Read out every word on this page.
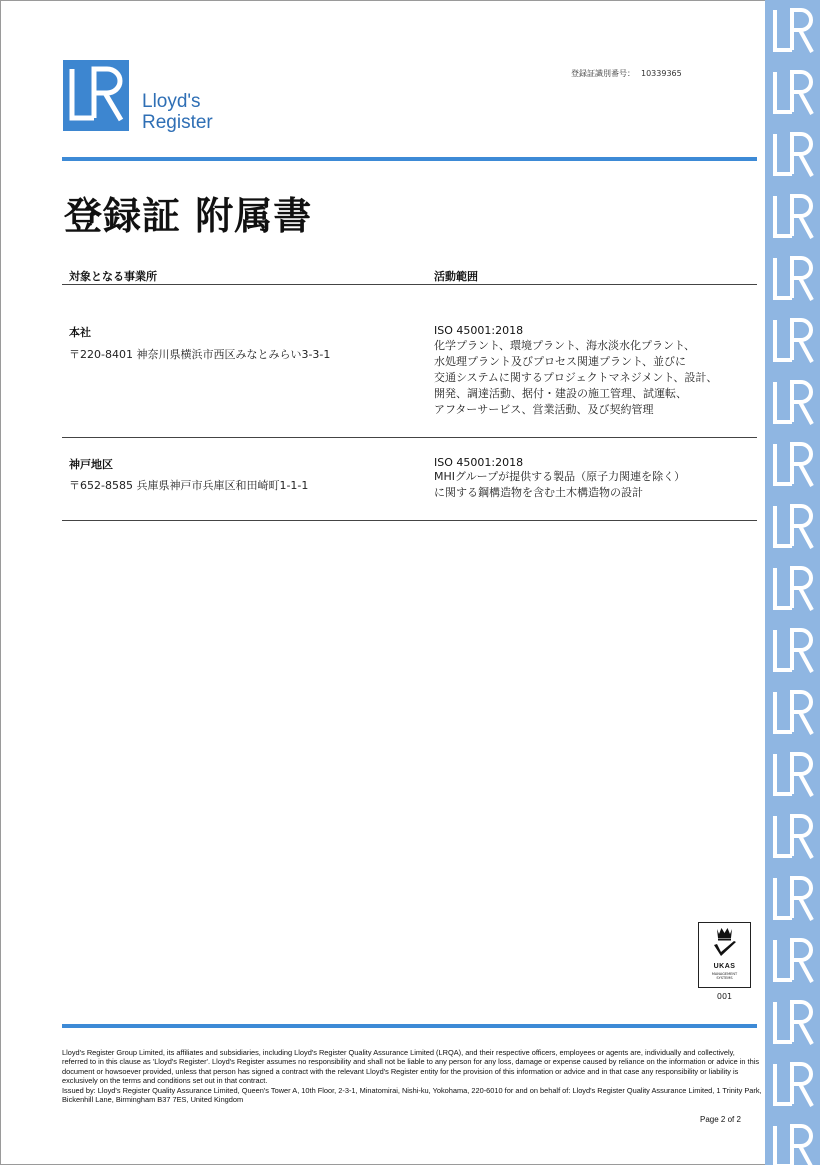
Lloyd's
Register
登録証識別番号： 10339365
登録証 附属書
対象となる事業所	活動範囲
本社
〒220-8401 神奈川県横浜市西区みなとみらい3-3-1
ISO 45001:2018
化学プラント、環境プラント、海水淡水化プラント、
水処理プラント及びプロセス関連プラント、並びに
交通システムに関するプロジェクトマネジメント、設計、
開発、調達活動、据付・建設の施工管理、試運転、
アフターサービス、営業活動、及び契約管理
神戸地区
〒652-8585 兵庫県神戸市兵庫区和田崎町1-1-1
ISO 45001:2018
MHIグループが提供する製品（原子力関連を除く）
に関する鋼構造物を含む土木構造物の設計
UKAS
MANAGEMENT
SYSTEMS
001

Lloyd's Register Group Limited, its affiliates and subsidiaries, including Lloyd's Register Quality Assurance Limited (LRQA), and their respective officers, employees or agents are, individually and collectively, referred to in this clause as 'Lloyd's Register'. Lloyd's Register assumes no responsibility and shall not be liable to any person for any loss, damage or expense caused by reliance on the information or advice in this document or howsoever provided, unless that person has signed a contract with the relevant Lloyd's Register entity for the provision of this information or advice and in that case any responsibility or liability is exclusively on the terms and conditions set out in that contract.

Issued by: Lloyd's Register Quality Assurance Limited, Queen's Tower A, 10th Floor, 2-3-1, Minatomirai, Nishi-ku, Yokohama, 220-6010 for and on behalf of: Lloyd's Register Quality Assurance Limited, 1 Trinity Park, Bickenhill Lane, Birmingham B37 7ES, United Kingdom

Page 2 of 2
